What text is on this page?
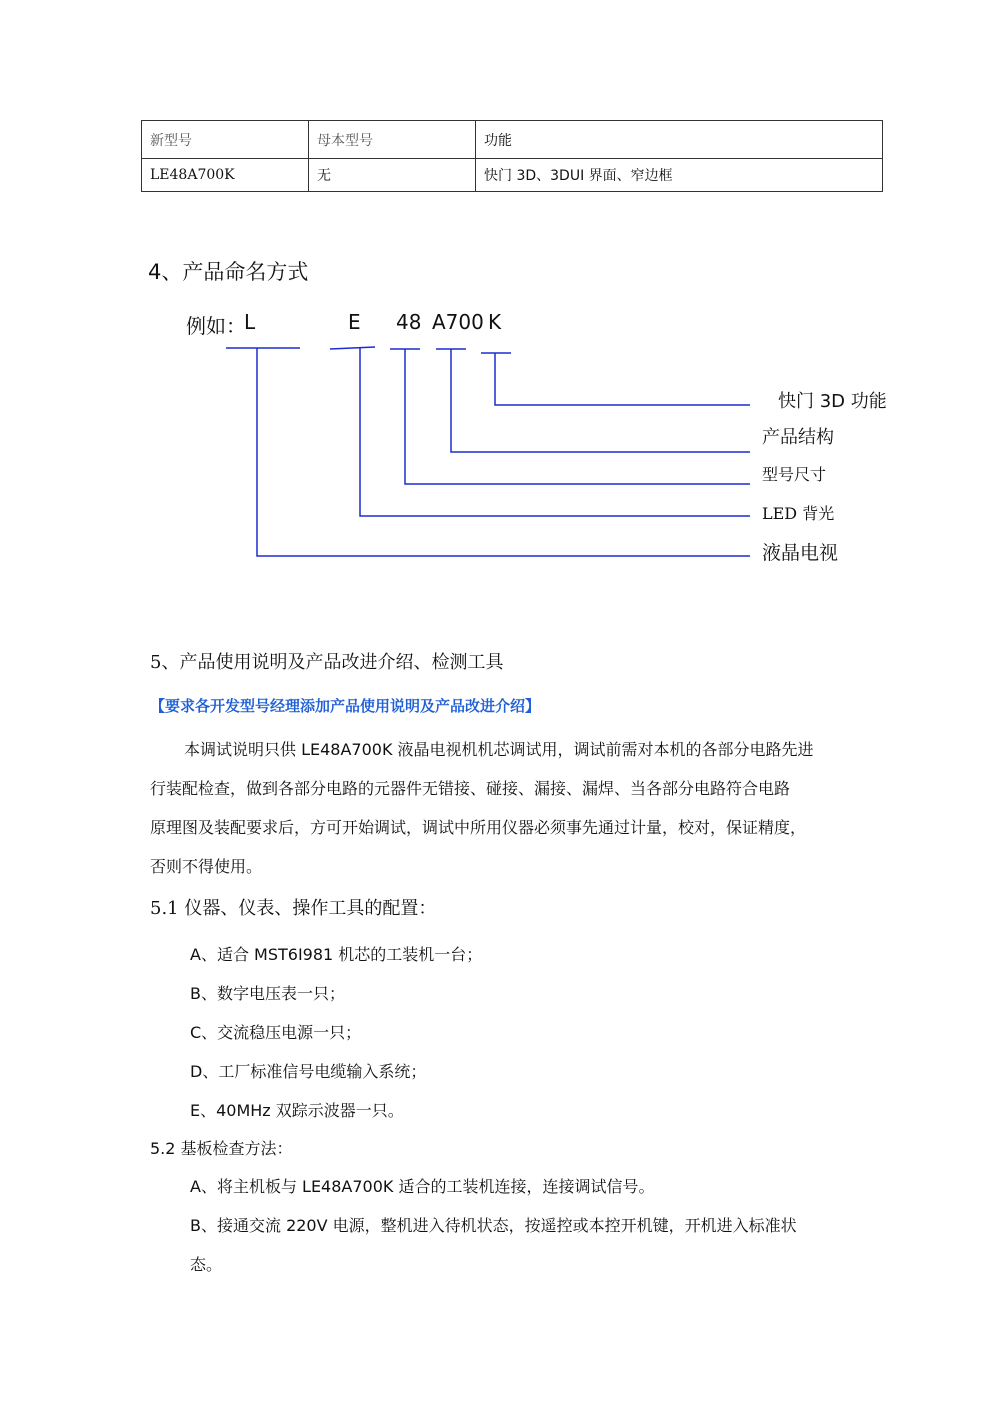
新型号	母本型号	功能
LE48A700K	无	快门 3D、3DUI 界面、窄边框
4、产品命名方式
例如：
L	E 48 A700 K
快门 3D 功能
产品结构
型号尺寸
LED 背光
液晶电视
5、产品使用说明及产品改进介绍、检测工具
【要求各开发型号经理添加产品使用说明及产品改进介绍】

本调试说明只供 LE48A700K 液晶电视机机芯调试用，调试前需对本机的各部分电路先进

行装配检查，做到各部分电路的元器件无错接、碰接、漏接、漏焊、当各部分电路符合电路

原理图及装配要求后，方可开始调试，调试中所用仪器必须事先通过计量，校对，保证精度，

否则不得使用。

5.1 仪器、仪表、操作工具的配置：
A、适合 MST6I981 机芯的工装机一台；
B、数字电压表一只；
C、交流稳压电源一只；
D、工厂标准信号电缆输入系统；
E、40MHz 双踪示波器一只。
5.2 基板检查方法：

A、将主机板与 LE48A700K 适合的工装机连接，连接调试信号。

B、接通交流 220V 电源，整机进入待机状态，按遥控或本控开机键，开机进入标准状

态。
